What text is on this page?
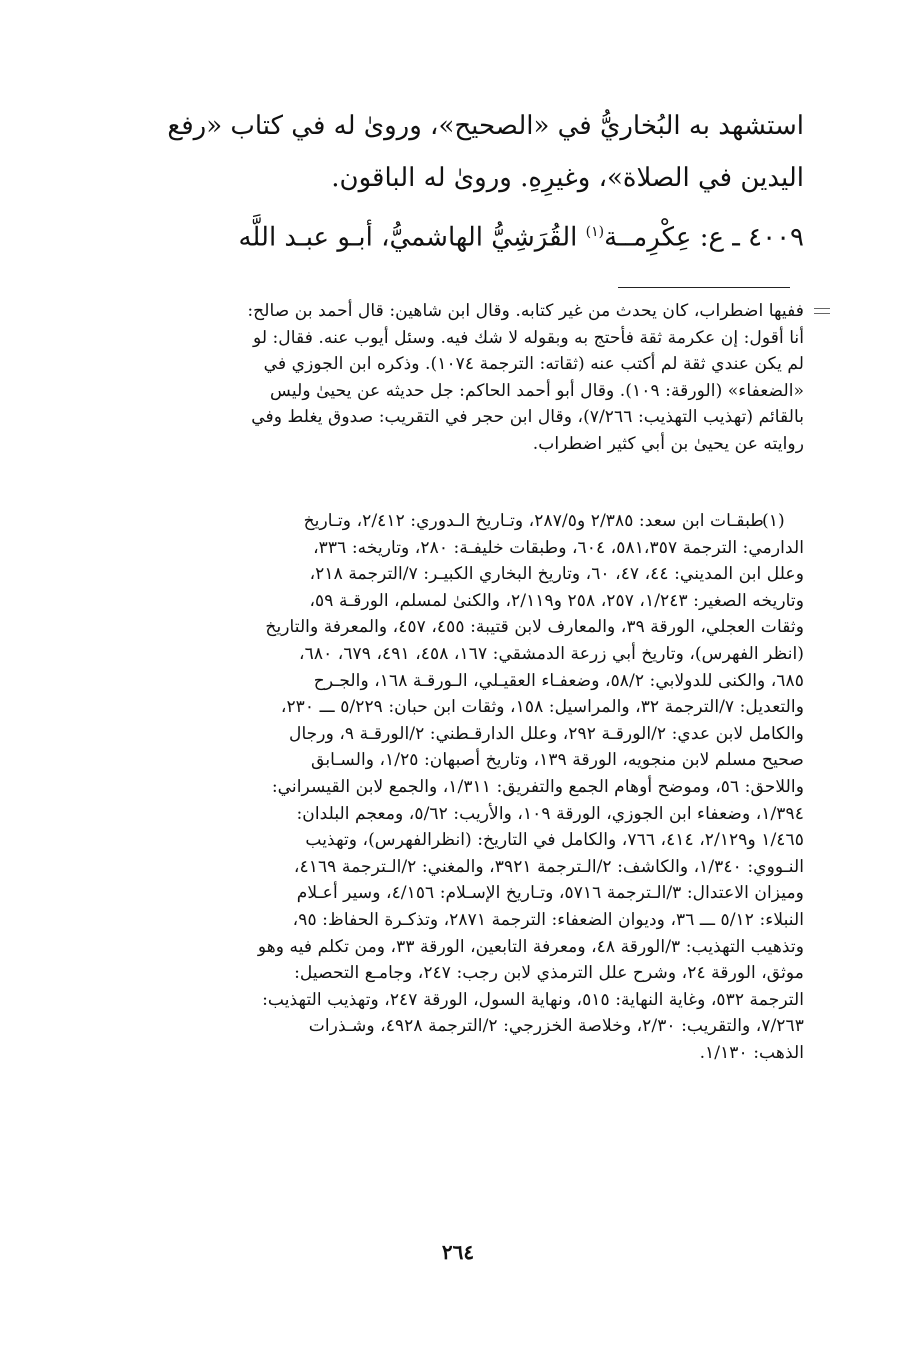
استشهد به البُخاريُّ في «الصحيح»، وروىٰ له في كتاب «رفع
اليدين في الصلاة»، وغيرِهِ. وروىٰ له الباقون.
٤٠٠٩ ـ ع: عِكْرِمــة$^{(١)}$ القُرَشِيُّ الهاشميُّ، أبـو عبـد اللَّه
ففيها اضطراب، كان يحدث من غير كتابه. وقال ابن شاهين: قال أحمد بن صالح:
أنا أقول: إن عكرمة ثقة فأحتج به وبقوله لا شك فيه. وسئل أيوب عنه. فقال: لو
لم يكن عندي ثقة لم أكتب عنه (ثقاته: الترجمة ١٠٧٤). وذكره ابن الجوزي في
«الضعفاء» (الورقة: ١٠٩). وقال أبو أحمد الحاكم: جل حديثه عن يحيىٰ وليس
بالقائم (تهذيب التهذيب: ٧/٢٦٦)، وقال ابن حجر في التقريب: صدوق يغلط وفي
روايته عن يحيىٰ بن أبي كثير اضطراب.
(١)
طبقـات ابن سعد: ٢/٣٨٥ و٢٨٧/٥، وتـاريخ الـدوري: ٢/٤١٢، وتـاريخ
الدارمي: الترجمة ٥٨١،٣٥٧، ٦٠٤، وطبقات خليفـة: ٢٨٠، وتاريخه: ٣٣٦،
وعلل ابن المديني: ٤٤، ٤٧، ٦٠، وتاريخ البخاري الكبيـر: ٧/الترجمة ٢١٨،
وتاريخه الصغير: ١/٢٤٣، ٢٥٧، ٢٥٨ و٢/١١٩، والكنىٰ لمسلم، الورقـة ٥٩،
وثقات العجلي، الورقة ٣٩، والمعارف لابن قتيبة: ٤٥٥، ٤٥٧، والمعرفة والتاريخ
(انظر الفهرس)، وتاريخ أبي زرعة الدمشقي: ١٦٧، ٤٥٨، ٤٩١، ٦٧٩، ٦٨٠،
٦٨٥، والكنى للدولابي: ٥٨/٢، وضعفـاء العقيـلي، الـورقـة ١٦٨، والجـرح
والتعديل: ٧/الترجمة ٣٢، والمراسيل: ١٥٨، وثقات ابن حبان: ٥/٢٢٩ ـــ ٢٣٠،
والكامل لابن عدي: ٢/الورقـة ٢٩٢، وعلل الدارقـطني: ٢/الورقـة ٩، ورجال
صحيح مسلم لابن منجويه، الورقة ١٣٩، وتاريخ أصبهان: ١/٢٥، والسـابق
واللاحق: ٥٦، وموضح أوهام الجمع والتفريق: ١/٣١١، والجمع لابن القيسراني:
١/٣٩٤، وضعفاء ابن الجوزي، الورقة ١٠٩، والأريب: ٥/٦٢، ومعجم البلدان:
١/٤٦٥ و٢/١٢٩، ٤١٤، ٧٦٦، والكامل في التاريخ: (انظرالفهرس)، وتهذيب
النـووي: ١/٣٤٠، والكاشف: ٢/الـترجمة ٣٩٢١، والمغني: ٢/الـترجمة ٤١٦٩،
وميزان الاعتدال: ٣/الـترجمة ٥٧١٦، وتـاريخ الإسـلام: ٤/١٥٦، وسير أعـلام
النبلاء: ٥/١٢ ـــ ٣٦، وديوان الضعفاء: الترجمة ٢٨٧١، وتذكـرة الحفاظ: ٩٥،
وتذهيب التهذيب: ٣/الورقة ٤٨، ومعرفة التابعين، الورقة ٣٣، ومن تكلم فيه وهو
موثق، الورقة ٢٤، وشرح علل الترمذي لابن رجب: ٢٤٧، وجامـع التحصيل:
الترجمة ٥٣٢، وغاية النهاية: ٥١٥، ونهاية السول، الورقة ٢٤٧، وتهذيب التهذيب:
٧/٢٦٣، والتقريب: ٢/٣٠، وخلاصة الخزرجي: ٢/الترجمة ٤٩٢٨، وشـذرات
الذهب: ١/١٣٠.
٢٦٤
